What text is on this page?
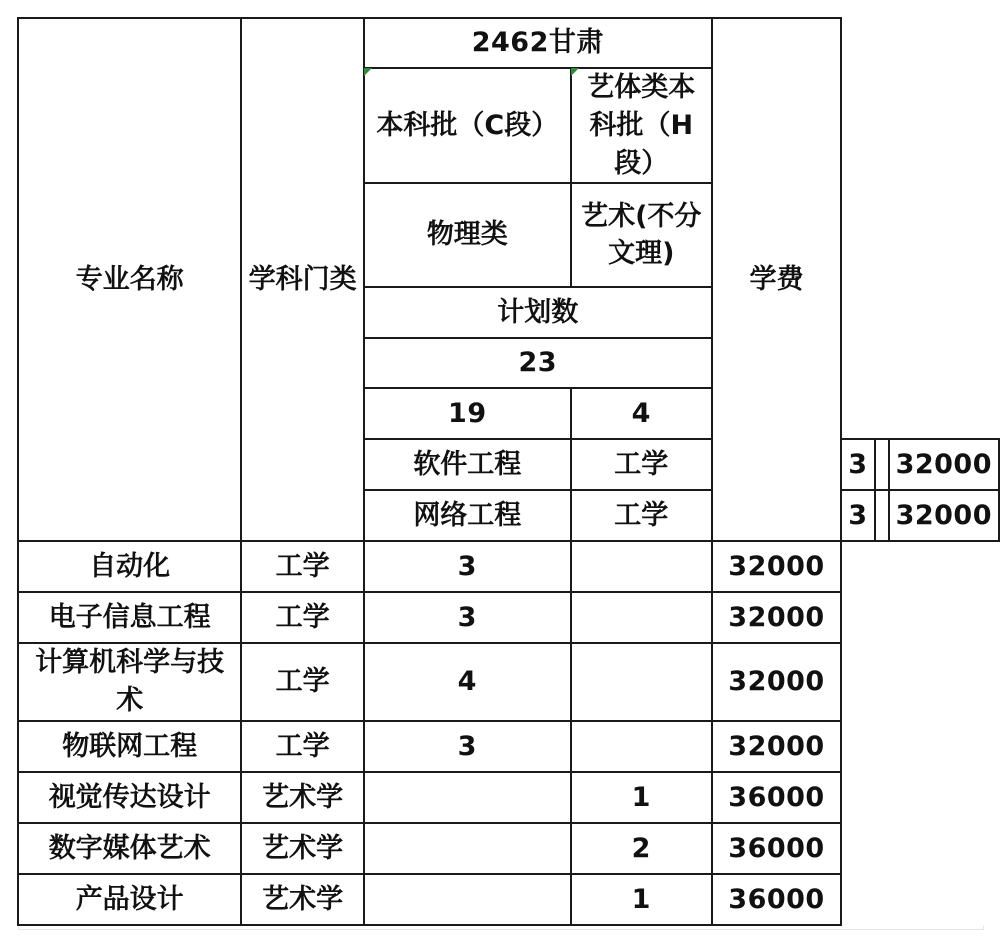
专业名称	学科门类	2462甘肃		学费			

本科批（C段）	艺体类本科批（H段）				
		物理类	艺术(不分文理)				
		计划数					
		23					
		19	4				
		软件工程	工学		3		32000
		网络工程	工学		3		32000
自动化	工学	3		32000			
电子信息工程	工学	3		32000			
计算机科学与技术	工学	4		32000			
物联网工程	工学	3		32000			
视觉传达设计	艺术学		1	36000			
数字媒体艺术	艺术学		2	36000			
产品设计	艺术学		1	36000			
